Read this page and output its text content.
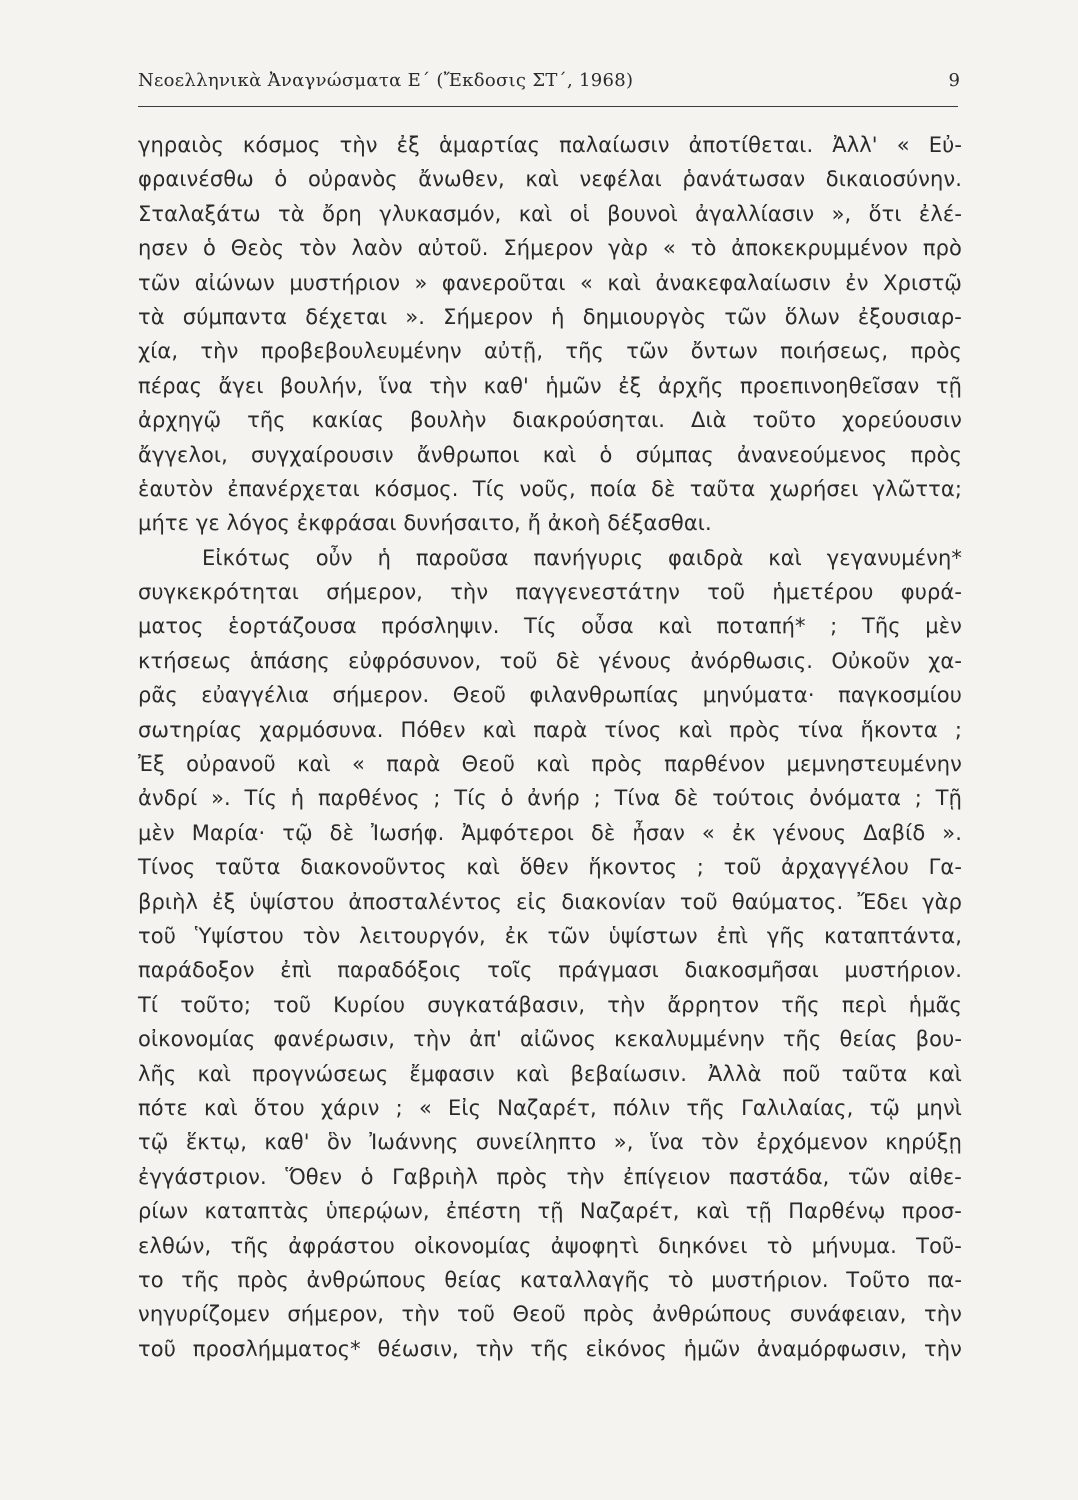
Νεοελληνικὰ Ἀναγνώσματα Ε΄ (Ἔκδοσις ΣΤ΄, 1968)	9
γηραιὸς κόσμος τὴν ἐξ ἁμαρτίας παλαίωσιν ἀποτίθεται. Ἀλλ' « Εὐ-
φραινέσθω ὁ οὐρανὸς ἄνωθεν, καὶ νεφέλαι ῥανάτωσαν δικαιοσύνην.
Σταλαξάτω τὰ ὄρη γλυκασμόν, καὶ οἱ βουνοὶ ἀγαλλίασιν », ὅτι ἐλέ-
ησεν ὁ Θεὸς τὸν λαὸν αὐτοῦ. Σήμερον γὰρ « τὸ ἀποκεκρυμμένον πρὸ
τῶν αἰώνων μυστήριον » φανεροῦται « καὶ ἀνακεφαλαίωσιν ἐν Χριστῷ
τὰ σύμπαντα δέχεται ». Σήμερον ἡ δημιουργὸς τῶν ὅλων ἐξουσιαρ-
χία, τὴν προβεβουλευμένην αὐτῇ, τῆς τῶν ὄντων ποιήσεως, πρὸς
πέρας ἄγει βουλήν, ἵνα τὴν καθ' ἡμῶν ἐξ ἀρχῆς προεπινοηθεῖσαν τῇ
ἀρχηγῷ τῆς κακίας βουλὴν διακρούσηται. Διὰ τοῦτο χορεύουσιν
ἄγγελοι, συγχαίρουσιν ἄνθρωποι καὶ ὁ σύμπας ἀνανεούμενος πρὸς
ἑαυτὸν ἐπανέρχεται κόσμος. Τίς νοῦς, ποία δὲ ταῦτα χωρήσει γλῶττα;
μήτε γε λόγος ἐκφράσαι δυνήσαιτο, ἤ ἀκοὴ δέξασθαι.
Εἰκότως οὖν ἡ παροῦσα πανήγυρις φαιδρὰ καὶ γεγανυμένη*
συγκεκρότηται σήμερον, τὴν παγγενεστάτην τοῦ ἡμετέρου φυρά-
ματος ἑορτάζουσα πρόσληψιν. Τίς οὖσα καὶ ποταπή* ; Τῆς μὲν
κτήσεως ἁπάσης εὐφρόσυνον, τοῦ δὲ γένους ἀνόρθωσις. Οὐκοῦν χα-
ρᾶς εὐαγγέλια σήμερον. Θεοῦ φιλανθρωπίας μηνύματα· παγκοσμίου
σωτηρίας χαρμόσυνα. Πόθεν καὶ παρὰ τίνος καὶ πρὸς τίνα ἥκοντα ;
Ἐξ οὐρανοῦ καὶ « παρὰ Θεοῦ καὶ πρὸς παρθένον μεμνηστευμένην
ἀνδρί ». Τίς ἡ παρθένος ; Τίς ὁ ἀνήρ ; Τίνα δὲ τούτοις ὀνόματα ; Τῇ
μὲν Μαρία· τῷ δὲ Ἰωσήφ. Ἀμφότεροι δὲ ἦσαν « ἐκ γένους Δαβίδ ».
Τίνος ταῦτα διακονοῦντος καὶ ὅθεν ἥκοντος ; τοῦ ἀρχαγγέλου Γα-
βριὴλ ἐξ ὑψίστου ἀποσταλέντος εἰς διακονίαν τοῦ θαύματος. Ἔδει γὰρ
τοῦ Ὑψίστου τὸν λειτουργόν, ἐκ τῶν ὑψίστων ἐπὶ γῆς καταπτάντα,
παράδοξον ἐπὶ παραδόξοις τοῖς πράγμασι διακοσμῆσαι μυστήριον.
Τί τοῦτο; τοῦ Κυρίου συγκατάβασιν, τὴν ἄρρητον τῆς περὶ ἡμᾶς
οἰκονομίας φανέρωσιν, τὴν ἀπ' αἰῶνος κεκαλυμμένην τῆς θείας βου-
λῆς καὶ προγνώσεως ἔμφασιν καὶ βεβαίωσιν. Ἀλλὰ ποῦ ταῦτα καὶ
πότε καὶ ὅτου χάριν ; « Εἰς Ναζαρέτ, πόλιν τῆς Γαλιλαίας, τῷ μηνὶ
τῷ ἕκτῳ, καθ' ὃν Ἰωάννης συνείληπτο », ἵνα τὸν ἐρχόμενον κηρύξῃ
ἐγγάστριον. Ὅθεν ὁ Γαβριὴλ πρὸς τὴν ἐπίγειον παστάδα, τῶν αἰθε-
ρίων καταπτὰς ὑπερῴων, ἐπέστη τῇ Ναζαρέτ, καὶ τῇ Παρθένῳ προσ-
ελθών, τῆς ἀφράστου οἰκονομίας ἀψοφητὶ διηκόνει τὸ μήνυμα. Τοῦ-
το τῆς πρὸς ἀνθρώπους θείας καταλλαγῆς τὸ μυστήριον. Τοῦτο πα-
νηγυρίζομεν σήμερον, τὴν τοῦ Θεοῦ πρὸς ἀνθρώπους συνάφειαν, τὴν
τοῦ προσλήμματος* θέωσιν, τὴν τῆς εἰκόνος ἡμῶν ἀναμόρφωσιν, τὴν
